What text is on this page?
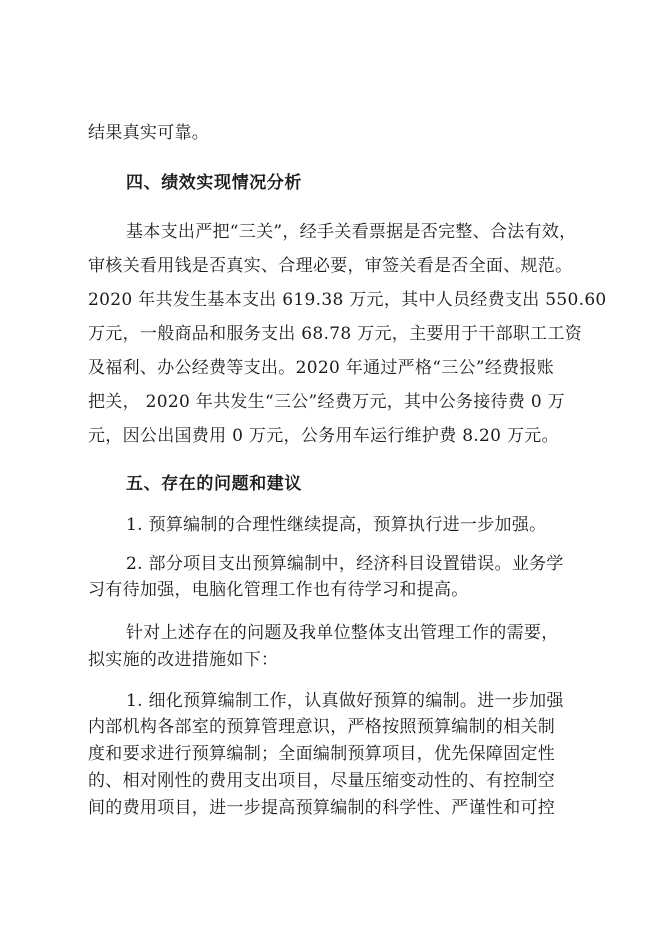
结果真实可靠。
四、绩效实现情况分析
基本支出严把“三关”，经手关看票据是否完整、合法有效，
审核关看用钱是否真实、合理必要，审签关看是否全面、规范。
2020 年共发生基本支出 619.38 万元，其中人员经费支出 550.60
万元，一般商品和服务支出 68.78 万元，主要用于干部职工工资
及福利、办公经费等支出。2020 年通过严格“三公”经费报账
把关， 2020 年共发生“三公”经费万元，其中公务接待费 0 万
元，因公出国费用 0 万元，公务用车运行维护费 8.20 万元。
五、存在的问题和建议
1. 预算编制的合理性继续提高，预算执行进一步加强。
2. 部分项目支出预算编制中，经济科目设置错误。业务学
习有待加强，电脑化管理工作也有待学习和提高。
针对上述存在的问题及我单位整体支出管理工作的需要，
拟实施的改进措施如下：
1. 细化预算编制工作，认真做好预算的编制。进一步加强
内部机构各部室的预算管理意识，严格按照预算编制的相关制
度和要求进行预算编制；全面编制预算项目，优先保障固定性
的、相对刚性的费用支出项目，尽量压缩变动性的、有控制空
间的费用项目，进一步提高预算编制的科学性、严谨性和可控
